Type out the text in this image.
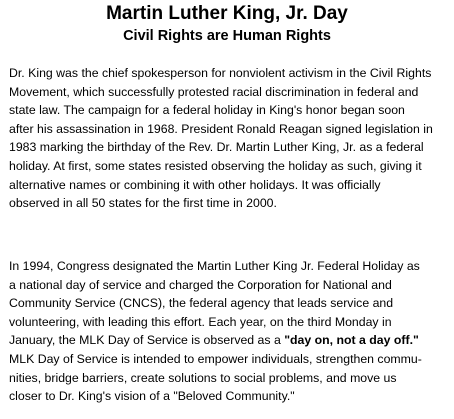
Martin Luther King, Jr. Day
Civil Rights are Human Rights

Dr. King was the chief spokesperson for nonviolent activism in the Civil Rights
Movement, which successfully protested racial discrimination in federal and
state law. The campaign for a federal holiday in King's honor began soon
after his assassination in 1968. President Ronald Reagan signed legislation in
1983 marking the birthday of the Rev. Dr. Martin Luther King, Jr. as a federal
holiday. At first, some states resisted observing the holiday as such, giving it
alternative names or combining it with other holidays. It was officially
observed in all 50 states for the first time in 2000.

In 1994, Congress designated the Martin Luther King Jr. Federal Holiday as
a national day of service and charged the Corporation for National and
Community Service (CNCS), the federal agency that leads service and
volunteering, with leading this effort. Each year, on the third Monday in
January, the MLK Day of Service is observed as a "day on, not a day off."
MLK Day of Service is intended to empower individuals, strengthen commu-
nities, bridge barriers, create solutions to social problems, and move us
closer to Dr. King's vision of a "Beloved Community."
